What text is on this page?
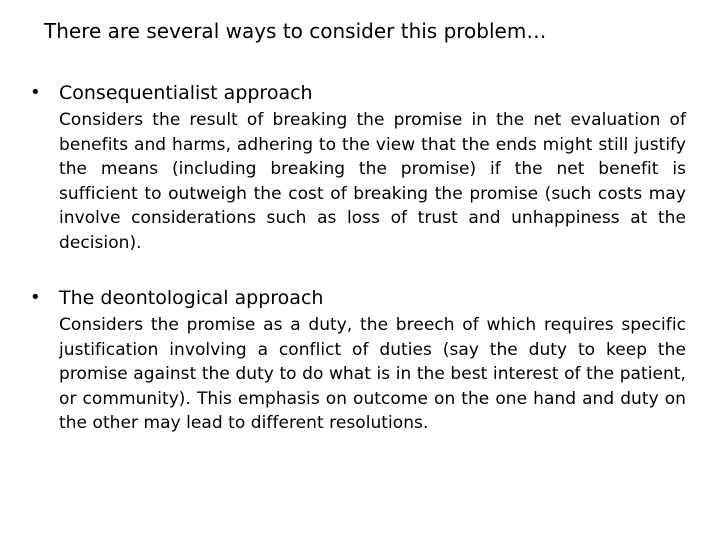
There are several ways to consider this problem…
• Consequentialist approach
Considers the result of breaking the promise in the net evaluation of benefits and harms, adhering to the view that the ends might still justify the means (including breaking the promise) if the net benefit is sufficient to outweigh the cost of breaking the promise (such costs may involve considerations such as loss of trust and unhappiness at the decision).
• The deontological approach
Considers the promise as a duty, the breech of which requires specific justification involving a conflict of duties (say the duty to keep the promise against the duty to do what is in the best interest of the patient, or community). This emphasis on outcome on the one hand and duty on the other may lead to different resolutions.
